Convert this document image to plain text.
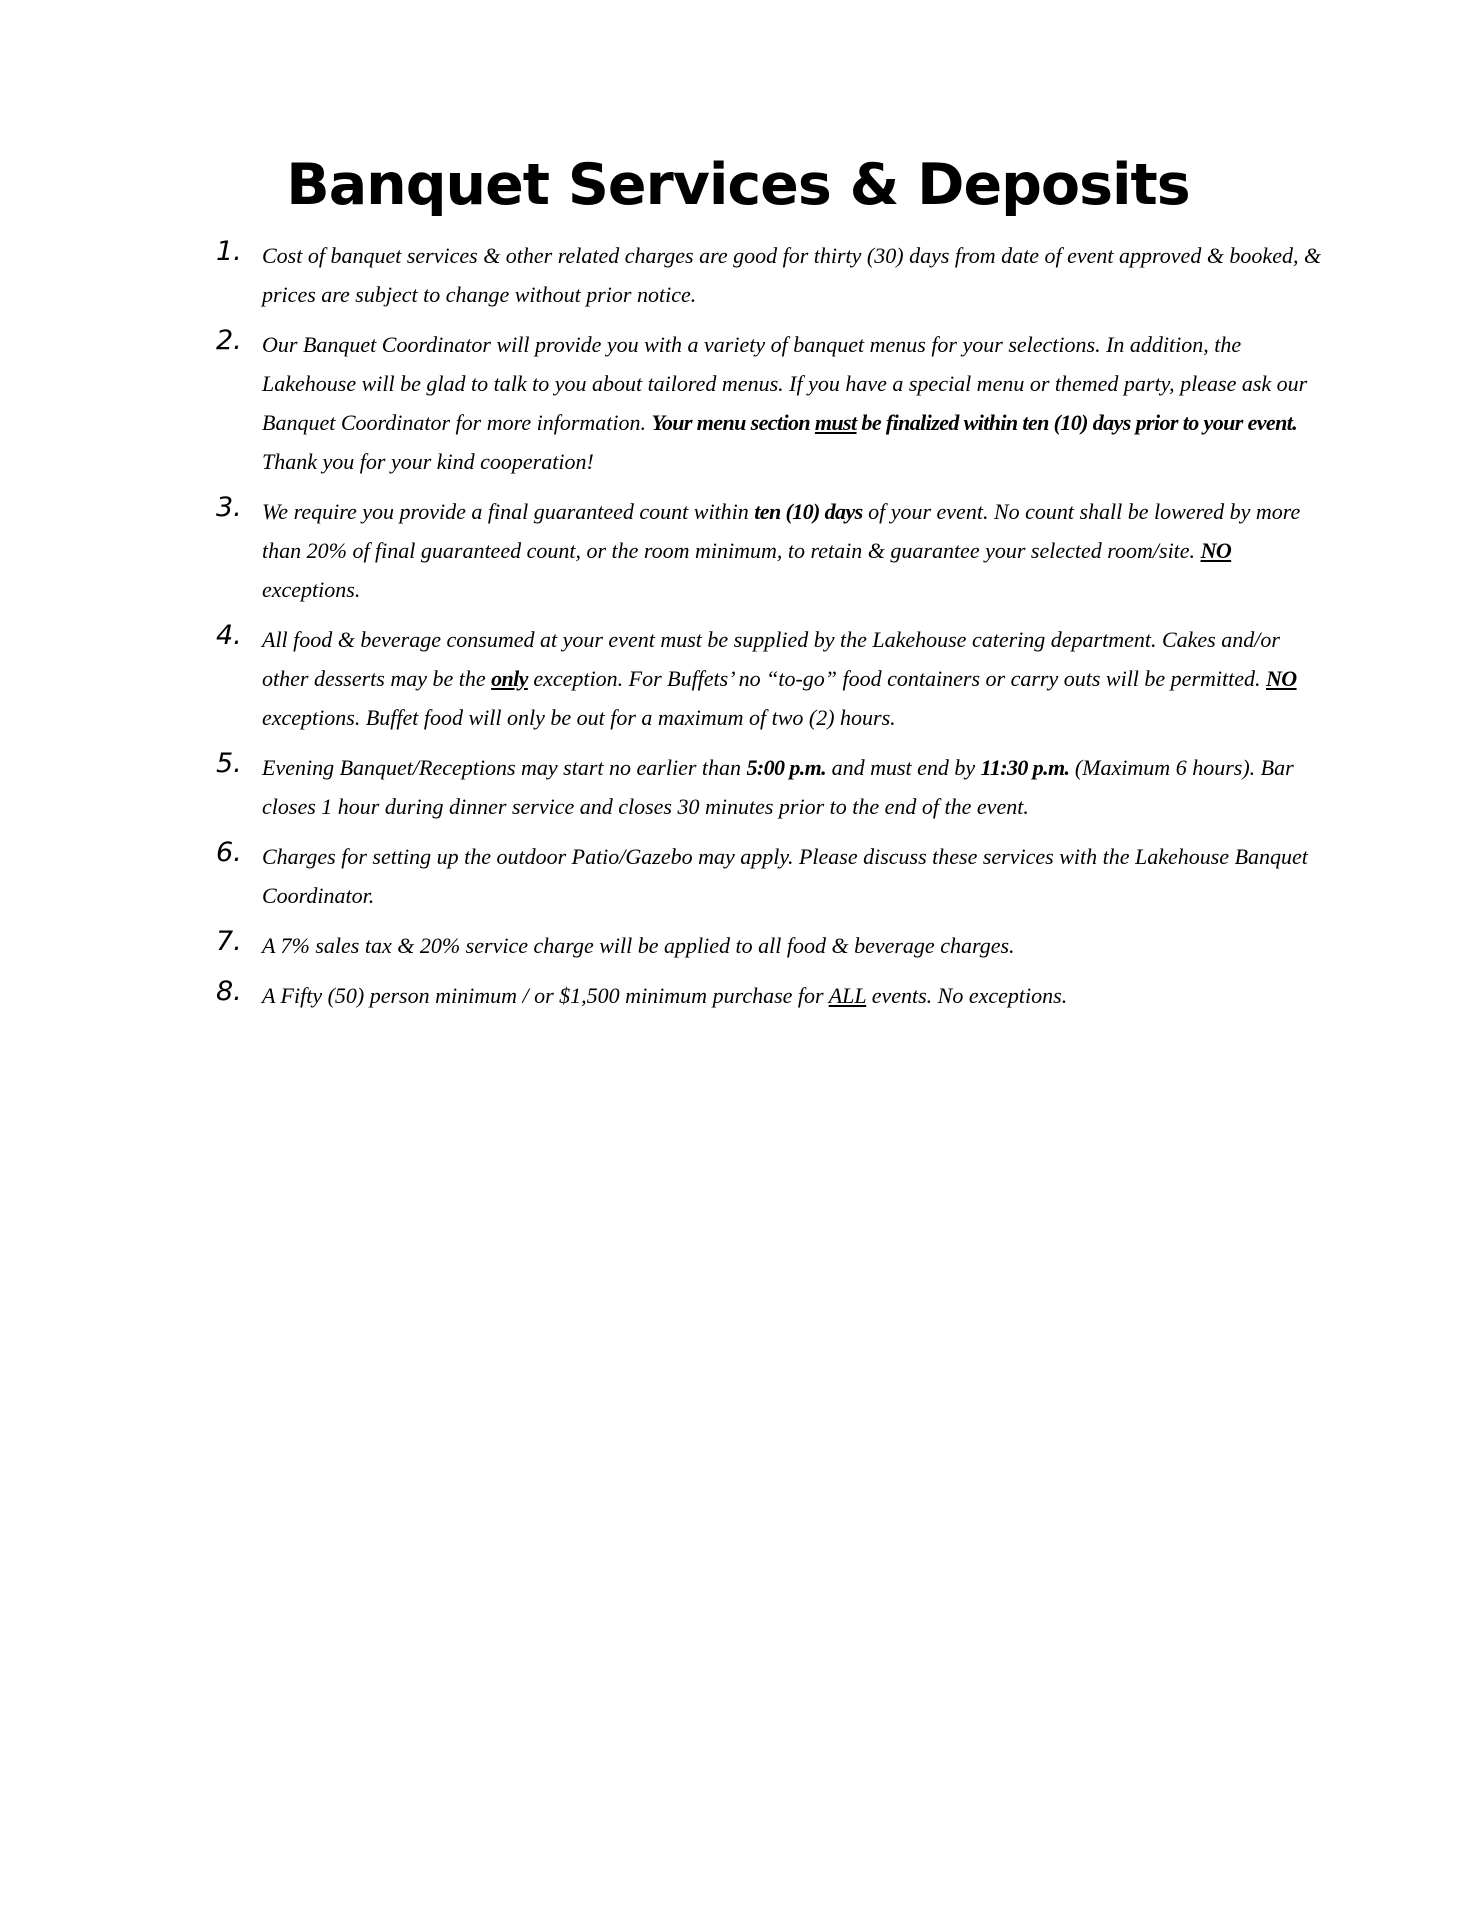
Banquet Services & Deposits
1. Cost of banquet services & other related charges are good for thirty (30) days from date of event approved & booked, & prices are subject to change without prior notice.
2. Our Banquet Coordinator will provide you with a variety of banquet menus for your selections. In addition, the Lakehouse will be glad to talk to you about tailored menus. If you have a special menu or themed party, please ask our Banquet Coordinator for more information. Your menu section must be finalized within ten (10) days prior to your event. Thank you for your kind cooperation!
3. We require you provide a final guaranteed count within ten (10) days of your event. No count shall be lowered by more than 20% of final guaranteed count, or the room minimum, to retain & guarantee your selected room/site. NO exceptions.
4. All food & beverage consumed at your event must be supplied by the Lakehouse catering department. Cakes and/or other desserts may be the only exception. For Buffets’ no “to-go” food containers or carry outs will be permitted. NO exceptions. Buffet food will only be out for a maximum of two (2) hours.
5. Evening Banquet/Receptions may start no earlier than 5:00 p.m. and must end by 11:30 p.m. (Maximum 6 hours). Bar closes 1 hour during dinner service and closes 30 minutes prior to the end of the event.
6. Charges for setting up the outdoor Patio/Gazebo may apply. Please discuss these services with the Lakehouse Banquet Coordinator.
7. A 7% sales tax & 20% service charge will be applied to all food & beverage charges.
8. A Fifty (50) person minimum / or $1,500 minimum purchase for ALL events. No exceptions.
